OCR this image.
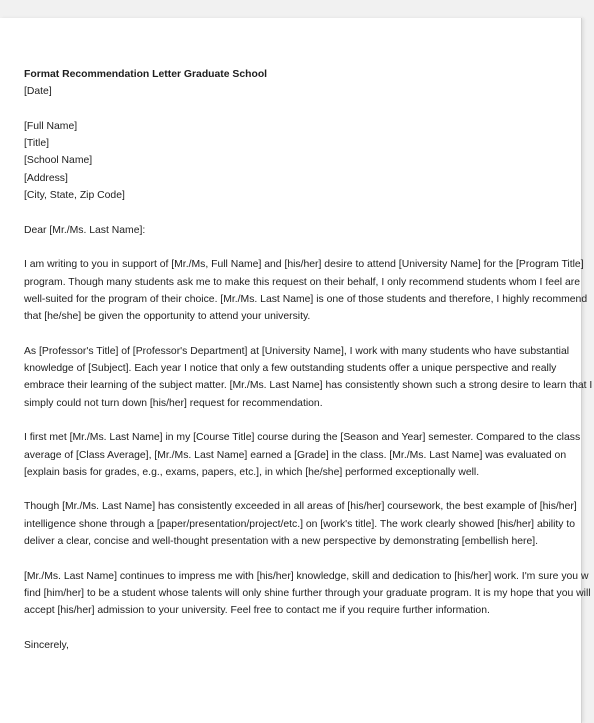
Format Recommendation Letter Graduate School
[Date]
[Full Name]
[Title]
[School Name]
[Address]
[City, State, Zip Code]
Dear [Mr./Ms. Last Name]:
I am writing to you in support of [Mr./Ms, Full Name] and [his/her] desire to attend [University Name] for the [Program Title]
program. Though many students ask me to make this request on their behalf, I only recommend students whom I feel are
well-suited for the program of their choice. [Mr./Ms. Last Name] is one of those students and therefore, I highly recommend
that [he/she] be given the opportunity to attend your university.
As [Professor's Title] of [Professor's Department] at [University Name], I work with many students who have substantial
knowledge of [Subject]. Each year I notice that only a few outstanding students offer a unique perspective and really
embrace their learning of the subject matter. [Mr./Ms. Last Name] has consistently shown such a strong desire to learn that I
simply could not turn down [his/her] request for recommendation.
I first met [Mr./Ms. Last Name] in my [Course Title] course during the [Season and Year] semester. Compared to the class
average of [Class Average], [Mr./Ms. Last Name] earned a [Grade] in the class. [Mr./Ms. Last Name] was evaluated on
[explain basis for grades, e.g., exams, papers, etc.], in which [he/she] performed exceptionally well.
Though [Mr./Ms. Last Name] has consistently exceeded in all areas of [his/her] coursework, the best example of [his/her]
intelligence shone through a [paper/presentation/project/etc.] on [work's title]. The work clearly showed [his/her] ability to
deliver a clear, concise and well-thought presentation with a new perspective by demonstrating [embellish here].
[Mr./Ms. Last Name] continues to impress me with [his/her] knowledge, skill and dedication to [his/her] work. I'm sure you w
find [him/her] to be a student whose talents will only shine further through your graduate program. It is my hope that you will
accept [his/her] admission to your university. Feel free to contact me if you require further information.
Sincerely,
